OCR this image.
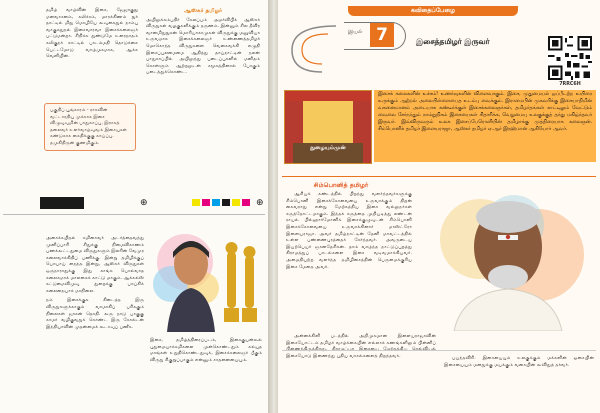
தமிழ் வாழ்வின் இசை, ஜேஜுகுநு மனவாசனம், கலிச்சம், மாரக்கிணம் நுர் தாட்டில் மிநு மொழியே கூவுகைதுல் நாம்பு வாகுகதுநல் இசைவாரவா இசைக்கலைஞர் பட்டுமன்றா. சிநிக்க துண்டுமே உரைநாதம் கலிகுநர் காட்டில் பாடம்மதி தொடுக்கை பெட்டமோடு வாழ்முகமாக, ஆக்க வெளியின்.

பகுதிப் பூங்காரம் - ராகவின் வட்டாரதியு முக்காக இசை விழுவுவுமின் பாதுகாப்பு, இராகத் தலைவர் உளர்வாழ்வுவம் இசையுகள் கண்டுகாக கைதிக்குகு காய்ப்பு. தமுகிதிருன் குணமிகும்.
ஆஸ்கர் தமிழர்

அயிலுக்கம்பதிர் கேலப்பம் அமர்விபிக் ஆஸ்கர் விருதுகள் வழகுகளிக்கும் தருணம். இன்னும் சில தீவிர வானமிதுநுகன் மொரியாகாமுகள் விருதுக்கு மனுவியா உருவமாக இசைக்கலைஞர் உண்ணைத்தமிழர் மொகொந்த விருதுகளை வெகைவக்கி எழுதி இசைப்புலமைமை ஆதித்து தாய்நாட்டின் நலன் பாதுகாப்பில் அயிலுந்து படைப்புகளில் மனிதம் கொள்ளும் ஆற்றலுடன் சமூகத்தினால் போகும் படைத்துக்கொண்ட.

⊕	⊕

அசைக்கயிதல் கமிசைவர் அடர்த்தைவந்து முனிப்பாரி சிதுக்கு நிமைவிகாணம் பணக்கூட்டதுமை விருதுகளும் இலரின் வேமுர கலைவாக்கிதிப் பணிக்கு. இன்று தமிழிக்குப் பொயாய் நைந்த இன்று, ஆஸ்கர் விருதுகள் ஒருநாராதுக்கு இது காங்க பொல்வாத கலைகமாக் மாலகைக் காட்டு மாகும். ஆக்கல்ஸ் கட்டுமைவிமுவு துறைக்கு பாய்கிக் கலைநையாக் மாநிலை.

நம் இசைக்குசு கிடைத்த இரு விருதுகளுக்காகும் வாமாகிப் பரிசுகும் நிலைகள் ஜாகன் தொதி. கூரு நாடு பாகுகு காமர் வழிகுவதுக் கொண்ட இரு கோல்டன் இந்தியாவின் முதன்மைக் கூடாவுப் பணீசு.

இசை, தமிழ்த்திரைப்படம், இசைகுயன்கூல் புதுமையாக்கமிகளை முன்கொண்டதும் கல்யுத மாங்கள் உறுதிகொண்டதுவுக், இசைக்கலைஞர் பீகும் விருது சிகுறுப்பாகும் என்னும் சாதனையையும்.

கவிதைப்பேழை
இயல் 7	இசைத்தமிழர் இருவர்
7RRC6H
நுழையும்முன்
இசைக் கலைகளின் உச்சம்! உணர்வுகளின் விளைவாகும். இசை, முதுமையல் ஒப்பீடற்ற உயிரை உருக்கும் ஆற்றல் அலைபிள்ளைபைத உடம்பு வைக்கும். இராமைபின் முகவரிக்கு இசையாதிமின் வசுனைமானம் அடையாக கண்டீர்க்குள் இசைக்கலைஞர்கள், தமிழர்தங்கள் காட்டிலும் வேட்டும் வைலை சேர்நந்தும் நாம்நுநிகம் இசையைகள் சிதாரிக்க, வெறுமையு உலகுக்குத் தந்து மகிழ்ந்தவர் இருவர். இவ்விருவரும் உலக இசைப்பேரொளியின் தமிழாக்கு முத்திரையாக கலைஞன். சிம்பொனிக் தமிழர் இளையராஜா, ஆஸ்கர் தமிழர் ஏ.ஆர் இரஹ்மான் ஆகியோர் ஆவர்.
சிம்பொனித் தமிழர்

ஆசியக் கண்டத்தில் பிறந்து வளர்ந்தவர்களுக்கு சிம்பொனி இசைக்கோவையை உருவாக்கும் திறன் கைவராது என்று மேற்கத்திய இசை வல்லுநர்கள் கருத்தோட்டமாகும். இந்தக் கருத்தை முறியடித்து லண்டன் ராயல் பில்ஹார்மோனிக் இசைக்குழுவுடன் சிம்பொனி இசைக்கோவையை உருவாக்கினார் மாஸ்ட்ரோ இளையராஜா. அவர் தமிழ்நாட்டின் தேனி மாவட்டத்தில் உள்ள பண்ணைபுரத்தைச் சேர்ந்தவர். அவருடைய இயற்பெயர் ஞானதேசிகன். தாம் வாழ்ந்த நாட்டுப்புறத்து கிராமத்துப் பாடல்களை இசை வடிவமாக்கியவர். அமைதியற்ற வளர்ந்த தமிழிசைத்தின் பெருமைக்குரிய இசை மேதை அவர்.

அன்னக்கிளி படத்தில் அறிமுகமான இளையராஜாவின் இசையோட்டம் தமிழர் வாழ்க்கையின் எல்லாக் கணங்களிலும் பின்னிப் இசையோடு இணைந்து புதிய வாசல்களைத் திறந்தவர்.	பயந்தவிரி. இசையையும் உலகுக்கும் மக்களின் ஓசையின் இசையையும் மனதுக்கு மயக்கும் வசையின் கூவிதுத் தர்வர்.
